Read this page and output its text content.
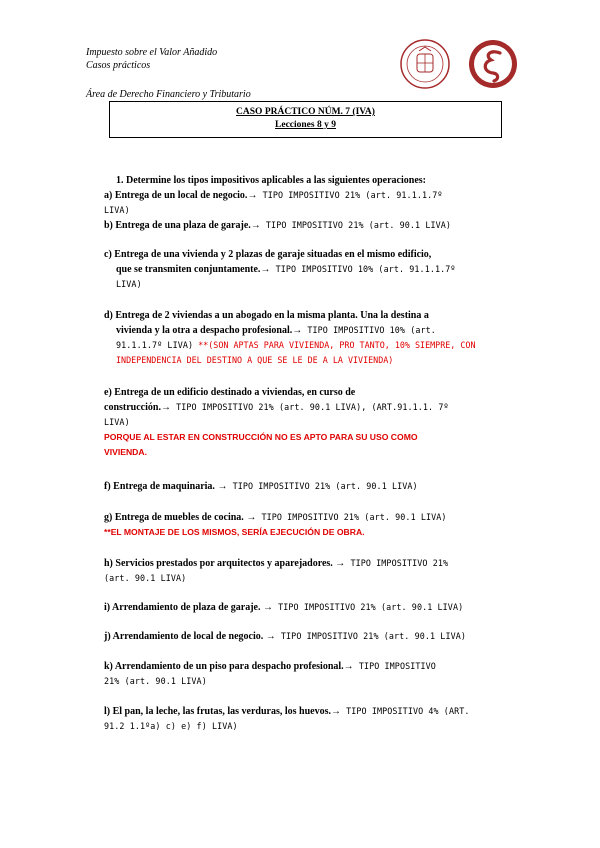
Impuesto sobre el Valor Añadido
Casos prácticos
Área de Derecho Financiero y Tributario
CASO PRÁCTICO NÚM. 7 (IVA)
Lecciones 8 y 9
1. Determine los tipos impositivos aplicables a las siguientes operaciones:
a) Entrega de un local de negocio.→ TIPO IMPOSITIVO 21% (art. 91.1.1.7º
LIVA)
b) Entrega de una plaza de garaje.→ TIPO IMPOSITIVO 21% (art. 90.1 LIVA)
c) Entrega de una vivienda y 2 plazas de garaje situadas en el mismo edificio,
que se transmiten conjuntamente.→ TIPO IMPOSITIVO 10% (art. 91.1.1.7º
LIVA)
d) Entrega de 2 viviendas a un abogado en la misma planta. Una la destina a
vivienda y la otra a despacho profesional.→ TIPO IMPOSITIVO 10% (art.
91.1.1.7º LIVA) **(SON APTAS PARA VIVIENDA, PRO TANTO, 10% SIEMPRE, CON
INDEPENDENCIA DEL DESTINO A QUE SE LE DE A LA VIVIENDA)
e) Entrega de un edificio destinado a viviendas, en curso de
construcción.→ TIPO IMPOSITIVO 21% (art. 90.1 LIVA), (ART.91.1.1. 7º
LIVA)
PORQUE AL ESTAR EN CONSTRUCCIÓN NO ES APTO PARA SU USO COMO
VIVIENDA.
f) Entrega de maquinaria. → TIPO IMPOSITIVO 21% (art. 90.1 LIVA)
g) Entrega de muebles de cocina. → TIPO IMPOSITIVO 21% (art. 90.1 LIVA)
**EL MONTAJE DE LOS MISMOS, SERÍA EJECUCIÓN DE OBRA.
h) Servicios prestados por arquitectos y aparejadores. → TIPO IMPOSITIVO 21%
(art. 90.1 LIVA)
i) Arrendamiento de plaza de garaje. → TIPO IMPOSITIVO 21% (art. 90.1 LIVA)
j) Arrendamiento de local de negocio. → TIPO IMPOSITIVO 21% (art. 90.1 LIVA)
k) Arrendamiento de un piso para despacho profesional.→ TIPO IMPOSITIVO
21% (art. 90.1 LIVA)
l) El pan, la leche, las frutas, las verduras, los huevos.→ TIPO IMPOSITIVO 4% (ART.
91.2 1.1ºa) c) e) f) LIVA)
